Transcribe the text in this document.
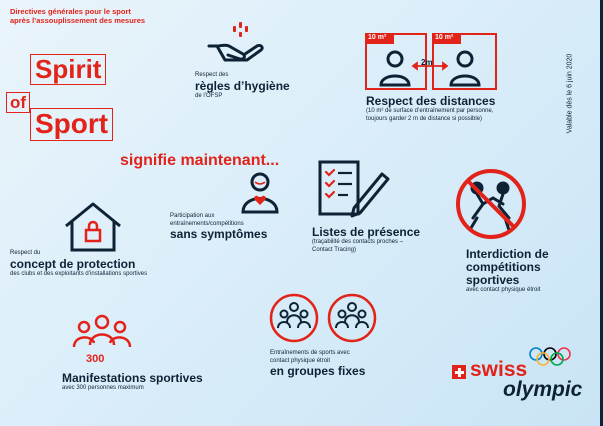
Directives générales pour le sport
après l’assouplissement des mesures
Spirit
of
Sport
signifie maintenant...
Valable dès le 6 juin 2020
Respect des
règles d’hygiène
de l’OFSP
10 m²	10 m²
2m
Respect des distances
(10 m² de surface d’entraînement par personne,
toujours garder 2 m de distance si possible)
Participation aux
entraînements/compétitions
sans symptômes	Listes de présence
(traçabilité des contacts proches –
Contact Tracing)	Interdiction de
compétitions
sportives
avec contact physique étroit
Respect du
concept de protection
des clubs et des exploitants d’installations sportives
300
Manifestations sportives
avec 300 personnes maximum
Entraînements de sports avec
contact physique étroit
en groupes fixes	swiss
olympic
